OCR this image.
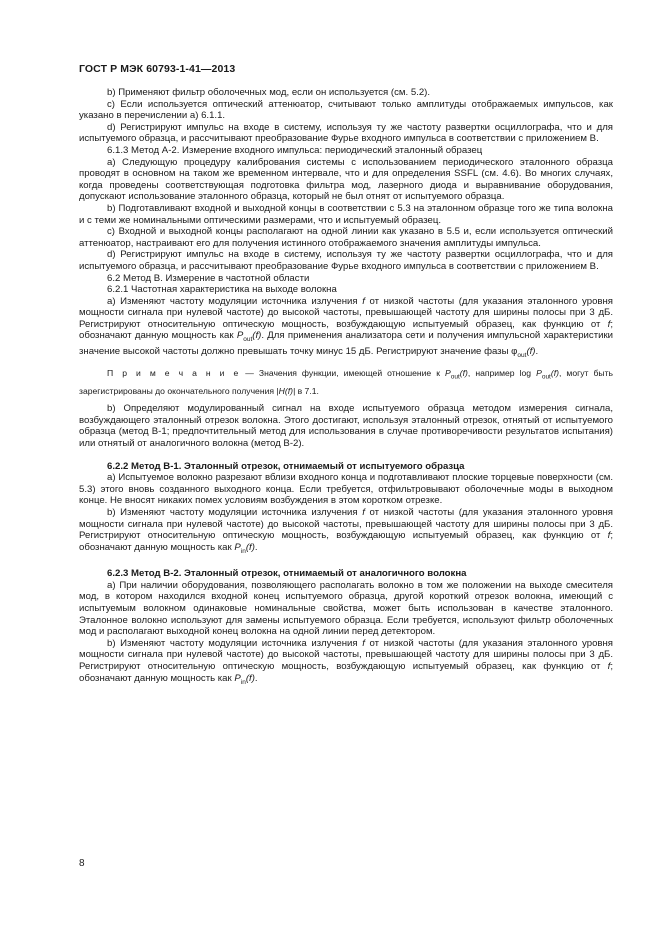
ГОСТ Р МЭК 60793-1-41—2013

b) Применяют фильтр оболочечных мод, если он используется (см. 5.2).

c) Если используется оптический аттенюатор, считывают только амплитуды отображаемых импульсов, как указано в перечислении a) 6.1.1.

d) Регистрируют импульс на входе в систему, используя ту же частоту развертки осциллографа, что и для испытуемого образца, и рассчитывают преобразование Фурье входного импульса в соответствии с приложением В.

6.1.3 Метод А-2. Измерение входного импульса: периодический эталонный образец

a) Следующую процедуру калибрования системы с использованием периодического эталонного образца проводят в основном на таком же временном интервале, что и для определения SSFL (см. 4.6). Во многих случаях, когда проведены соответствующая подготовка фильтра мод, лазерного диода и выравнивание оборудования, допускают использование эталонного образца, который не был отнят от испытуемого образца.

b) Подготавливают входной и выходной концы в соответствии с 5.3 на эталонном образце того же типа волокна и с теми же номинальными оптическими размерами, что и испытуемый образец.

c) Входной и выходной концы располагают на одной линии как указано в 5.5 и, если используется оптический аттенюатор, настраивают его для получения истинного отображаемого значения амплитуды импульса.

d) Регистрируют импульс на входе в систему, используя ту же частоту развертки осциллографа, что и для испытуемого образца, и рассчитывают преобразование Фурье входного импульса в соответствии с приложением В.

6.2 Метод В. Измерение в частотной области

6.2.1 Частотная характеристика на выходе волокна

a) Изменяют частоту модуляции источника излучения f от низкой частоты (для указания эталонного уровня мощности сигнала при нулевой частоте) до высокой частоты, превышающей частоту для ширины полосы при 3 дБ. Регистрируют относительную оптическую мощность, возбуждающую испытуемый образец, как функцию от f; обозначают данную мощность как $P_{out}(f)$. Для применения анализатора сети и получения импульсной характеристики значение высокой частоты должно превышать точку минус 15 дБ. Регистрируют значение фазы $\varphi_{out}(f)$.

П р и м е ч а н и е — Значения функции, имеющей отношение к $P_{out}(f)$, например $\log P_{out}(f)$, могут быть зарегистрированы до окончательного получения |H(f)| в 7.1.

b) Определяют модулированный сигнал на входе испытуемого образца методом измерения сигнала, возбуждающего эталонный отрезок волокна. Этого достигают, используя эталонный отрезок, отнятый от испытуемого образца (метод В-1; предпочтительный метод для использования в случае противоречивости результатов испытания) или отнятый от аналогичного волокна (метод В-2).

6.2.2 Метод В-1. Эталонный отрезок, отнимаемый от испытуемого образца

a) Испытуемое волокно разрезают вблизи входного конца и подготавливают плоские торцевые поверхности (см. 5.3) этого вновь созданного выходного конца. Если требуется, отфильтровывают оболочечные моды в выходном конце. Не вносят никаких помех условиям возбуждения в этом коротком отрезке.

b) Изменяют частоту модуляции источника излучения f от низкой частоты (для указания эталонного уровня мощности сигнала при нулевой частоте) до высокой частоты, превышающей частоту для ширины полосы при 3 дБ. Регистрируют относительную оптическую мощность, возбуждающую испытуемый образец, как функцию от f; обозначают данную мощность как $P_{in}(f)$.

6.2.3 Метод В-2. Эталонный отрезок, отнимаемый от аналогичного волокна

a) При наличии оборудования, позволяющего располагать волокно в том же положении на выходе смесителя мод, в котором находился входной конец испытуемого образца, другой короткий отрезок волокна, имеющий с испытуемым волокном одинаковые номинальные свойства, может быть использован в качестве эталонного. Эталонное волокно используют для замены испытуемого образца. Если требуется, используют фильтр оболочечных мод и располагают выходной конец волокна на одной линии перед детектором.

b) Изменяют частоту модуляции источника излучения f от низкой частоты (для указания эталонного уровня мощности сигнала при нулевой частоте) до высокой частоты, превышающей частоту для ширины полосы при 3 дБ. Регистрируют относительную оптическую мощность, возбуждающую испытуемый образец, как функцию от f; обозначают данную мощность как $P_{in}(f)$.

8
